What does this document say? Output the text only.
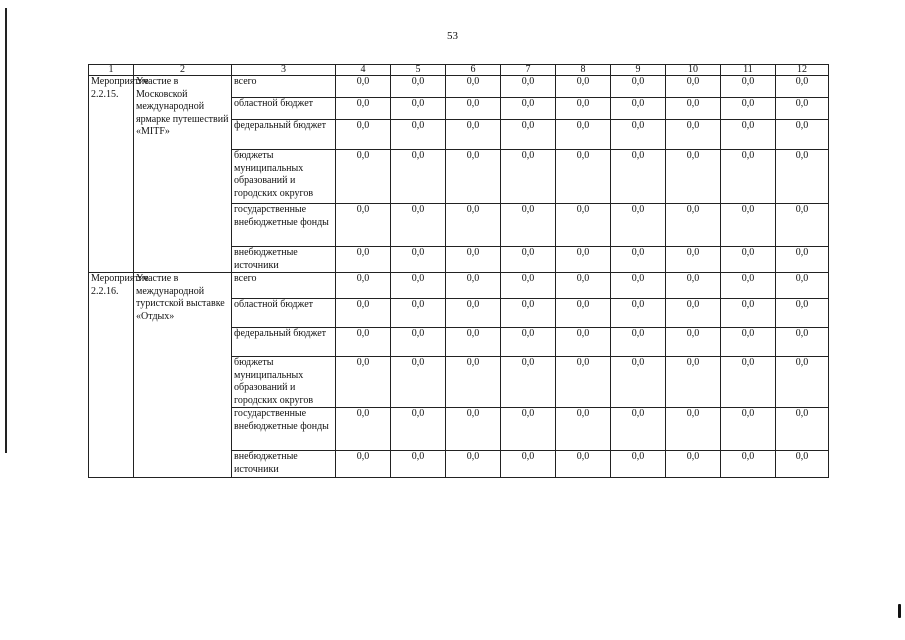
53
1	2	3	4	5	6	7	8	9	10	11	12
Мероприятие 2.2.15.	Участие в Московской международной ярмарке путешествий «MITF»	всего	0,0	0,0	0,0	0,0	0,0	0,0	0,0	0,0	0,0
		областной бюджет	0,0	0,0	0,0	0,0	0,0	0,0	0,0	0,0	0,0
		федеральный бюджет	0,0	0,0	0,0	0,0	0,0	0,0	0,0	0,0	0,0
		бюджеты муниципальных образований и городских округов	0,0	0,0	0,0	0,0	0,0	0,0	0,0	0,0	0,0
		государственные внебюджетные фонды	0,0	0,0	0,0	0,0	0,0	0,0	0,0	0,0	0,0
		внебюджетные источники	0,0	0,0	0,0	0,0	0,0	0,0	0,0	0,0	0,0
Мероприятие 2.2.16.	Участие в международной туристской выставке «Отдых»	всего	0,0	0,0	0,0	0,0	0,0	0,0	0,0	0,0	0,0
		областной бюджет	0,0	0,0	0,0	0,0	0,0	0,0	0,0	0,0	0,0
		федеральный бюджет	0,0	0,0	0,0	0,0	0,0	0,0	0,0	0,0	0,0
		бюджеты муниципальных образований и городских округов	0,0	0,0	0,0	0,0	0,0	0,0	0,0	0,0	0,0
		государственные внебюджетные фонды	0,0	0,0	0,0	0,0	0,0	0,0	0,0	0,0	0,0
		внебюджетные источники	0,0	0,0	0,0	0,0	0,0	0,0	0,0	0,0	0,0
